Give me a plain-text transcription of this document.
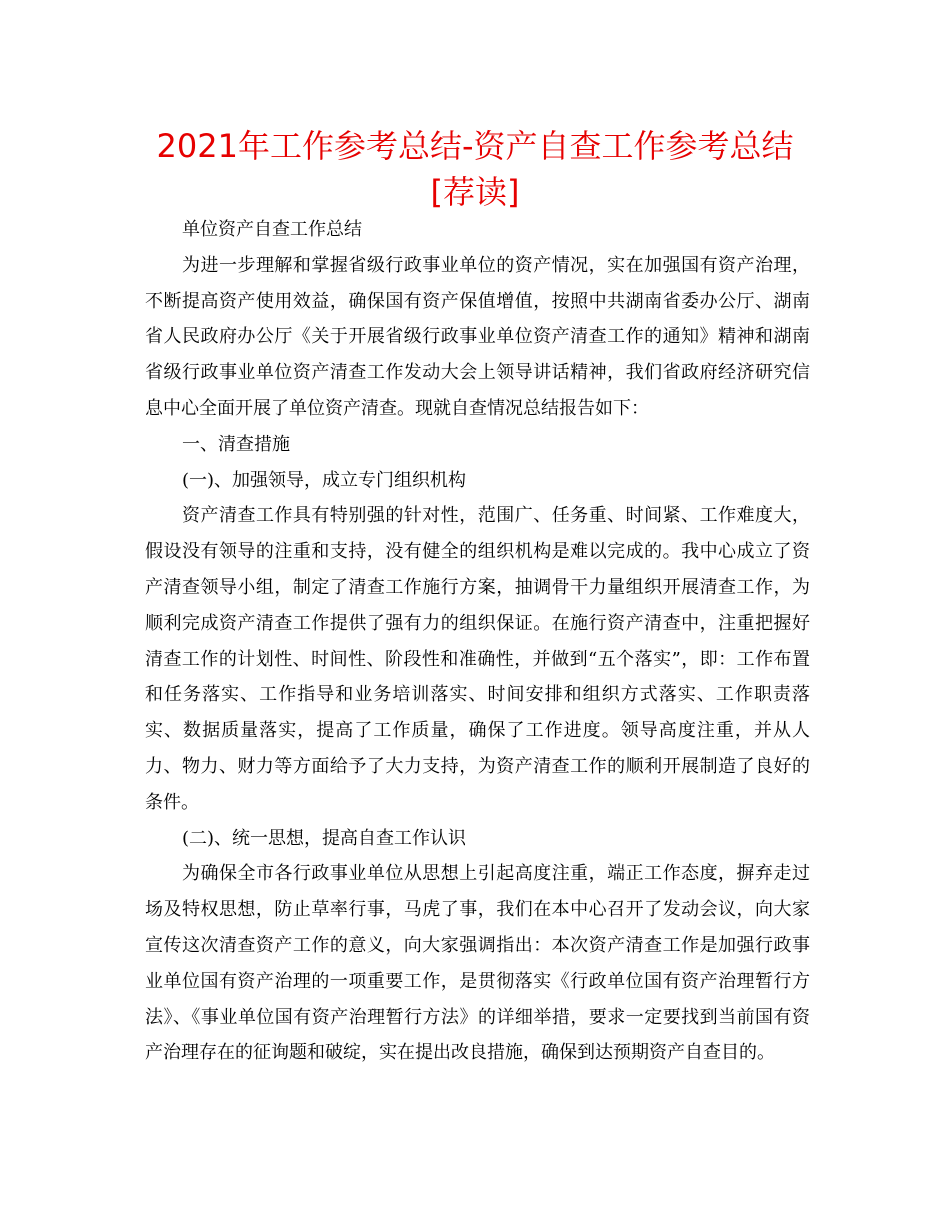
2021年工作参考总结-资产自查工作参考总结
[荐读]

单位资产自查工作总结

为进一步理解和掌握省级行政事业单位的资产情况，实在加强国有资产治理，不断提高资产使用效益，确保国有资产保值增值，按照中共湖南省委办公厅、湖南省人民政府办公厅《关于开展省级行政事业单位资产清查工作的通知》精神和湖南省级行政事业单位资产清查工作发动大会上领导讲话精神，我们省政府经济研究信息中心全面开展了单位资产清查。现就自查情况总结报告如下：

一、清查措施

(一)、加强领导，成立专门组织机构

资产清查工作具有特别强的针对性，范围广、任务重、时间紧、工作难度大，假设没有领导的注重和支持，没有健全的组织机构是难以完成的。我中心成立了资产清查领导小组，制定了清查工作施行方案，抽调骨干力量组织开展清查工作，为顺利完成资产清查工作提供了强有力的组织保证。在施行资产清查中，注重把握好清查工作的计划性、时间性、阶段性和准确性，并做到“五个落实”，即：工作布置和任务落实、工作指导和业务培训落实、时间安排和组织方式落实、工作职责落实、数据质量落实，提高了工作质量，确保了工作进度。领导高度注重，并从人力、物力、财力等方面给予了大力支持，为资产清查工作的顺利开展制造了良好的条件。

(二)、统一思想，提高自查工作认识

为确保全市各行政事业单位从思想上引起高度注重，端正工作态度，摒弃走过场及特权思想，防止草率行事，马虎了事，我们在本中心召开了发动会议，向大家宣传这次清查资产工作的意义，向大家强调指出：本次资产清查工作是加强行政事业单位国有资产治理的一项重要工作，是贯彻落实《行政单位国有资产治理暂行方法》、《事业单位国有资产治理暂行方法》的详细举措，要求一定要找到当前国有资产治理存在的征询题和破绽，实在提出改良措施，确保到达预期资产自查目的。
